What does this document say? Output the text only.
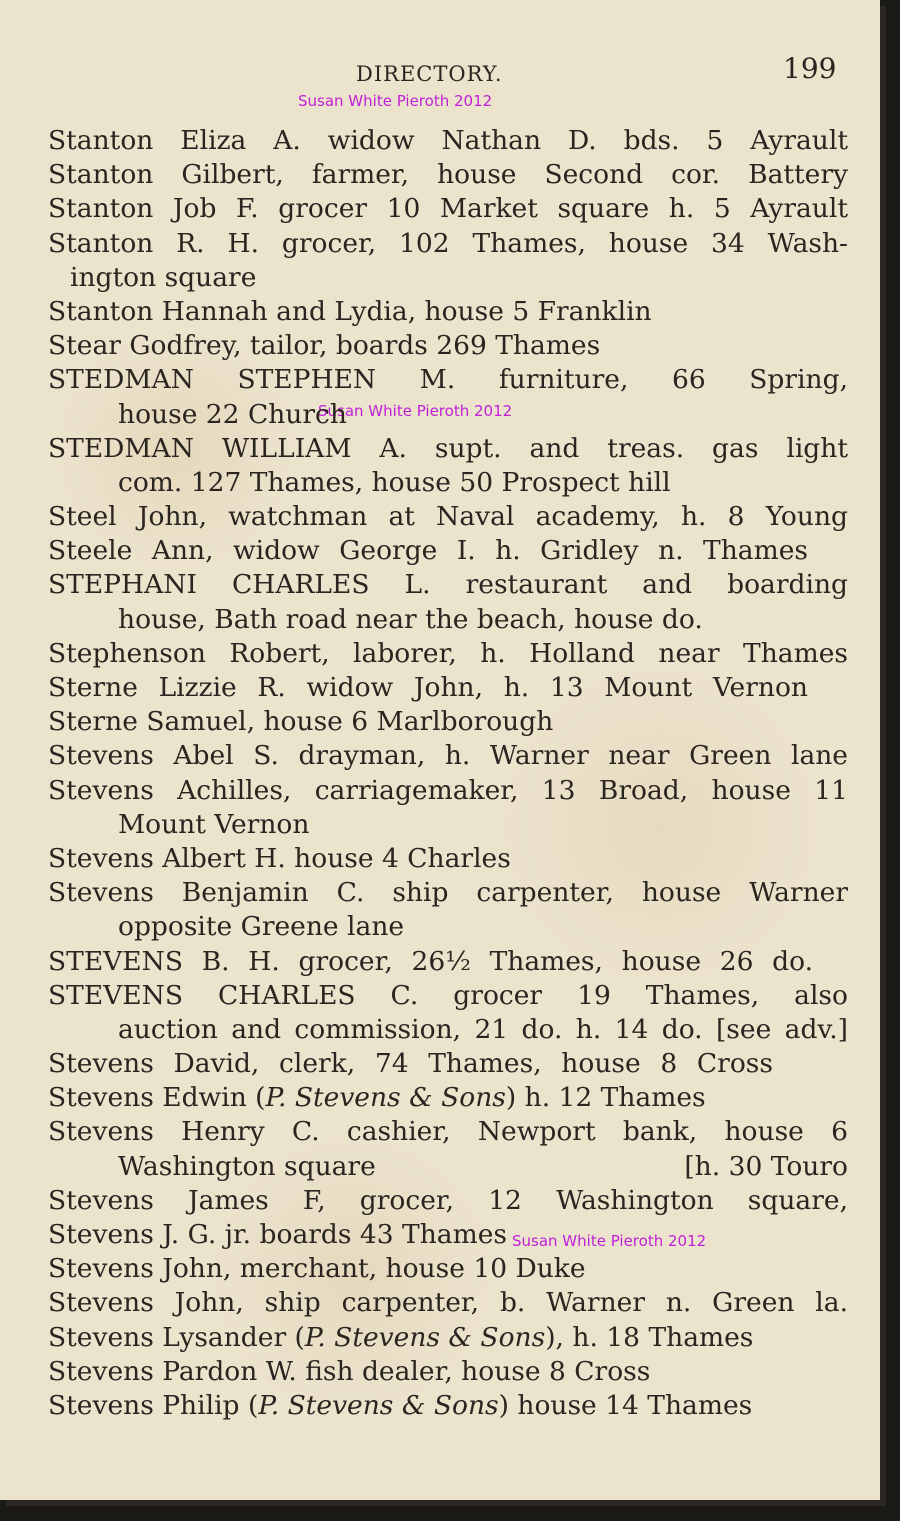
DIRECTORY.	199
Susan White Pieroth 2012
Susan White Pieroth 2012
Susan White Pieroth 2012
Stanton Eliza A. widow Nathan D. bds. 5 Ayrault
Stanton Gilbert, farmer, house Second cor. Battery
Stanton Job F. grocer 10 Market square h. 5 Ayrault
Stanton R. H. grocer, 102 Thames, house 34 Wash-
ington square
Stanton Hannah and Lydia, house 5 Franklin
Stear Godfrey, tailor, boards 269 Thames
STEDMAN STEPHEN M. furniture, 66 Spring,
house 22 Church
STEDMAN WILLIAM A. supt. and treas. gas light
com. 127 Thames, house 50 Prospect hill
Steel John, watchman at Naval academy, h. 8 Young
Steele Ann, widow George I. h. Gridley n. Thames
STEPHANI CHARLES L. restaurant and boarding
house, Bath road near the beach, house do.
Stephenson Robert, laborer, h. Holland near Thames
Sterne Lizzie R. widow John, h. 13 Mount Vernon
Sterne Samuel, house 6 Marlborough
Stevens Abel S. drayman, h. Warner near Green lane
Stevens Achilles, carriagemaker, 13 Broad, house 11
Mount Vernon
Stevens Albert H. house 4 Charles
Stevens Benjamin C. ship carpenter, house Warner
opposite Greene lane
STEVENS B. H. grocer, 26½ Thames, house 26 do.
STEVENS CHARLES C. grocer 19 Thames, also
auction and commission, 21 do. h. 14 do. [see adv.]
Stevens David, clerk, 74 Thames, house 8 Cross
Stevens Edwin (P. Stevens & Sons) h. 12 Thames
Stevens Henry C. cashier, Newport bank, house 6
Washington square	[h. 30 Touro
Stevens James F, grocer, 12 Washington square,
Stevens J. G. jr. boards 43 Thames
Stevens John, merchant, house 10 Duke
Stevens John, ship carpenter, b. Warner n. Green la.
Stevens Lysander (P. Stevens & Sons), h. 18 Thames
Stevens Pardon W. fish dealer, house 8 Cross
Stevens Philip (P. Stevens & Sons) house 14 Thames
